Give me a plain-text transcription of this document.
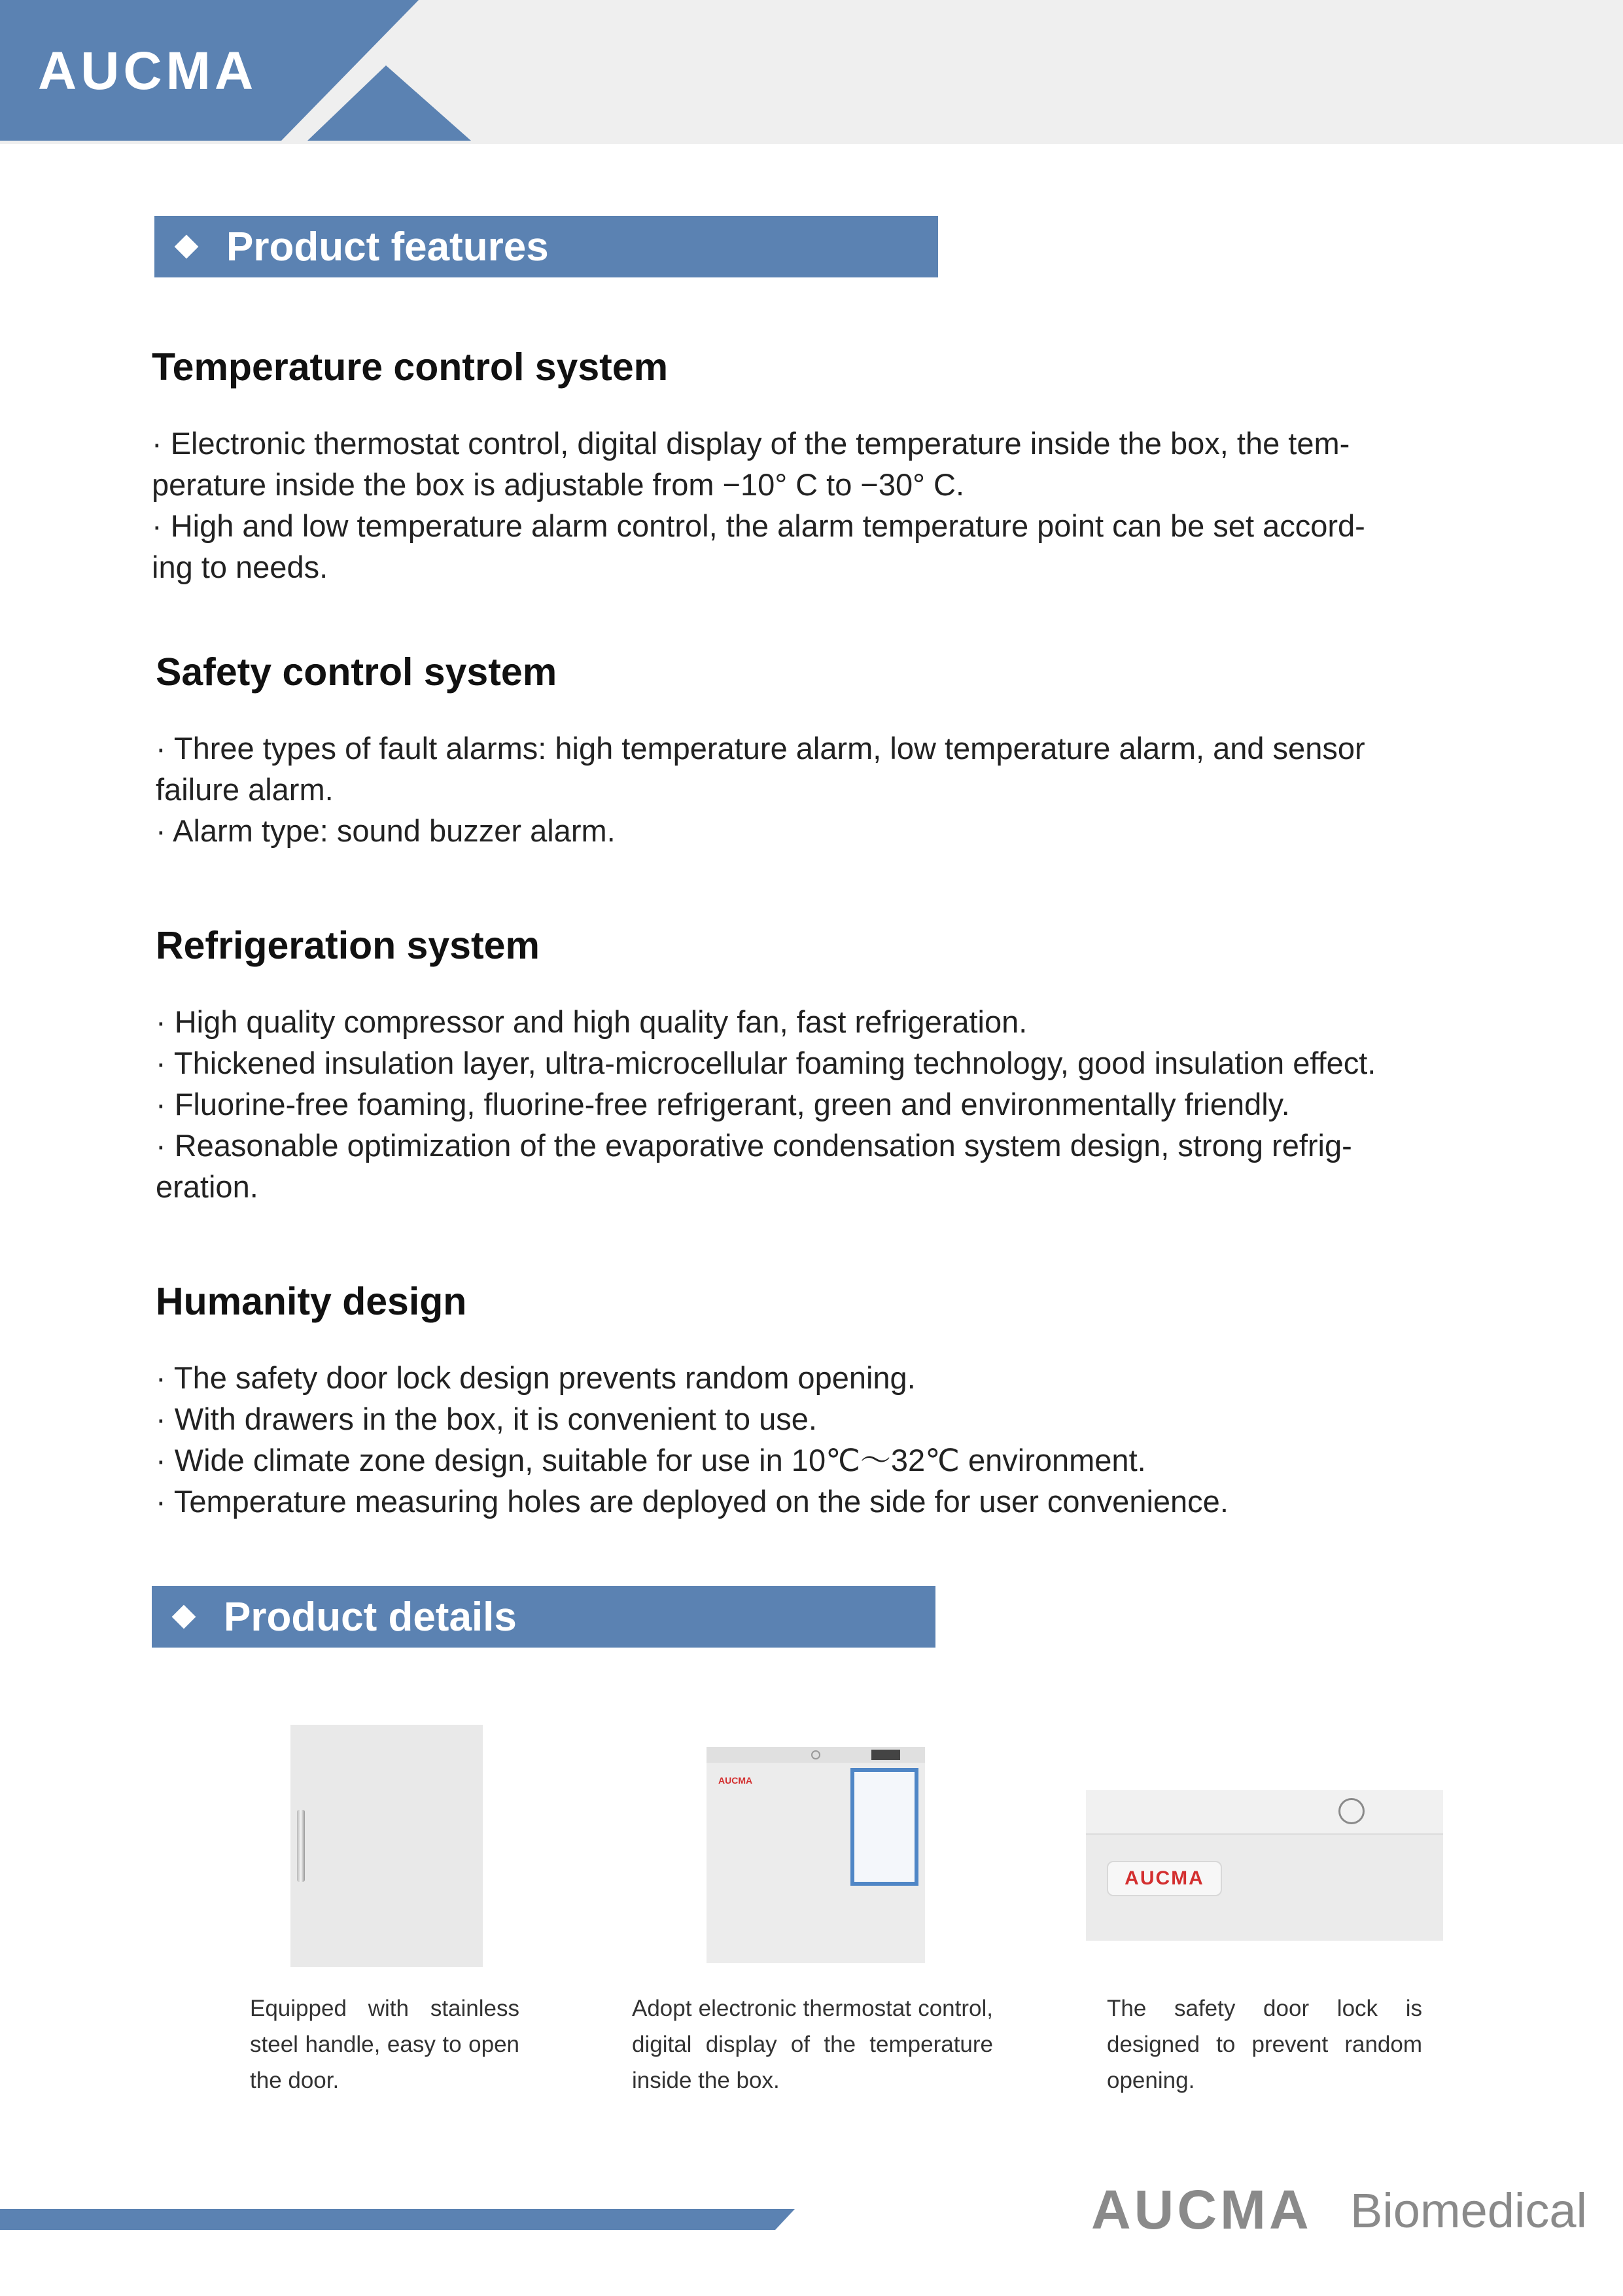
AUCMA
Product features
Temperature control system

· Electronic thermostat control, digital display of the temperature inside the box, the tem-

perature inside the box is adjustable from −10° C to −30° C.

· High and low temperature alarm control, the alarm temperature point can be set accord-

ing to needs.

Safety control system

· Three types of fault alarms: high temperature alarm, low temperature alarm, and sensor

failure alarm.

· Alarm type: sound buzzer alarm.

Refrigeration system

· High quality compressor and high quality fan, fast refrigeration.

· Thickened insulation layer, ultra-microcellular foaming technology, good insulation effect.

· Fluorine-free foaming, fluorine-free refrigerant, green and environmentally friendly.

· Reasonable optimization of the evaporative condensation system design, strong refrig-

eration.

Humanity design

· The safety door lock design prevents random opening.

· With drawers in the box, it is convenient to use.

· Wide climate zone design, suitable for use in 10℃～32℃ environment.

· Temperature measuring holes are deployed on the side for user convenience.

Product details
AUCMA
AUCMA
Equipped with stainless steel handle, easy to open the door.
Adopt electronic thermostat control, digital display of the temperature inside the box.
The safety door lock is designed to prevent random opening.
AUCMA Biomedical
